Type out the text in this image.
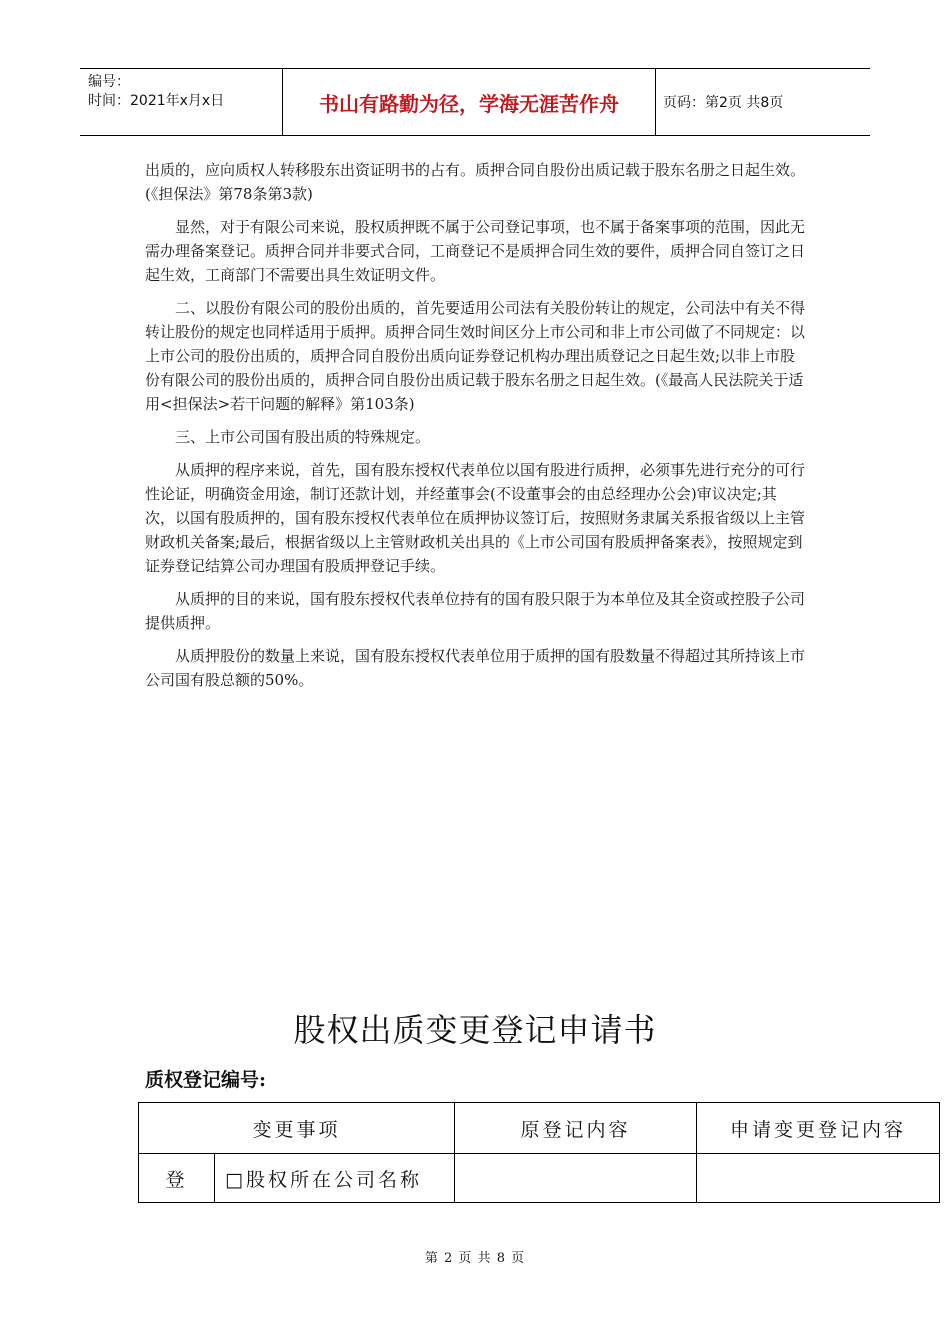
编号：
时间：2021年x月x日	书山有路勤为径，学海无涯苦作舟	页码：第2页 共8页

出质的，应向质权人转移股东出资证明书的占有。质押合同自股份出质记载于股东名册之日起生效。(《担保法》第78条第3款)

显然，对于有限公司来说，股权质押既不属于公司登记事项，也不属于备案事项的范围，因此无需办理备案登记。质押合同并非要式合同，工商登记不是质押合同生效的要件，质押合同自签订之日起生效，工商部门不需要出具生效证明文件。

二、以股份有限公司的股份出质的，首先要适用公司法有关股份转让的规定，公司法中有关不得转让股份的规定也同样适用于质押。质押合同生效时间区分上市公司和非上市公司做了不同规定：以上市公司的股份出质的，质押合同自股份出质向证券登记机构办理出质登记之日起生效;以非上市股份有限公司的股份出质的，质押合同自股份出质记载于股东名册之日起生效。(《最高人民法院关于适用<担保法>若干问题的解释》第103条)

三、上市公司国有股出质的特殊规定。

从质押的程序来说，首先，国有股东授权代表单位以国有股进行质押，必须事先进行充分的可行性论证，明确资金用途，制订还款计划，并经董事会(不设董事会的由总经理办公会)审议决定;其次，以国有股质押的，国有股东授权代表单位在质押协议签订后，按照财务隶属关系报省级以上主管财政机关备案;最后，根据省级以上主管财政机关出具的《上市公司国有股质押备案表》，按照规定到证券登记结算公司办理国有股质押登记手续。

从质押的目的来说，国有股东授权代表单位持有的国有股只限于为本单位及其全资或控股子公司提供质押。

从质押股份的数量上来说，国有股东授权代表单位用于质押的国有股数量不得超过其所持该上市公司国有股总额的50%。

股权出质变更登记申请书
质权登记编号:
变更事项		原登记内容	申请变更登记内容
登	□股权所在公司名称		
第 2 页 共 8 页
